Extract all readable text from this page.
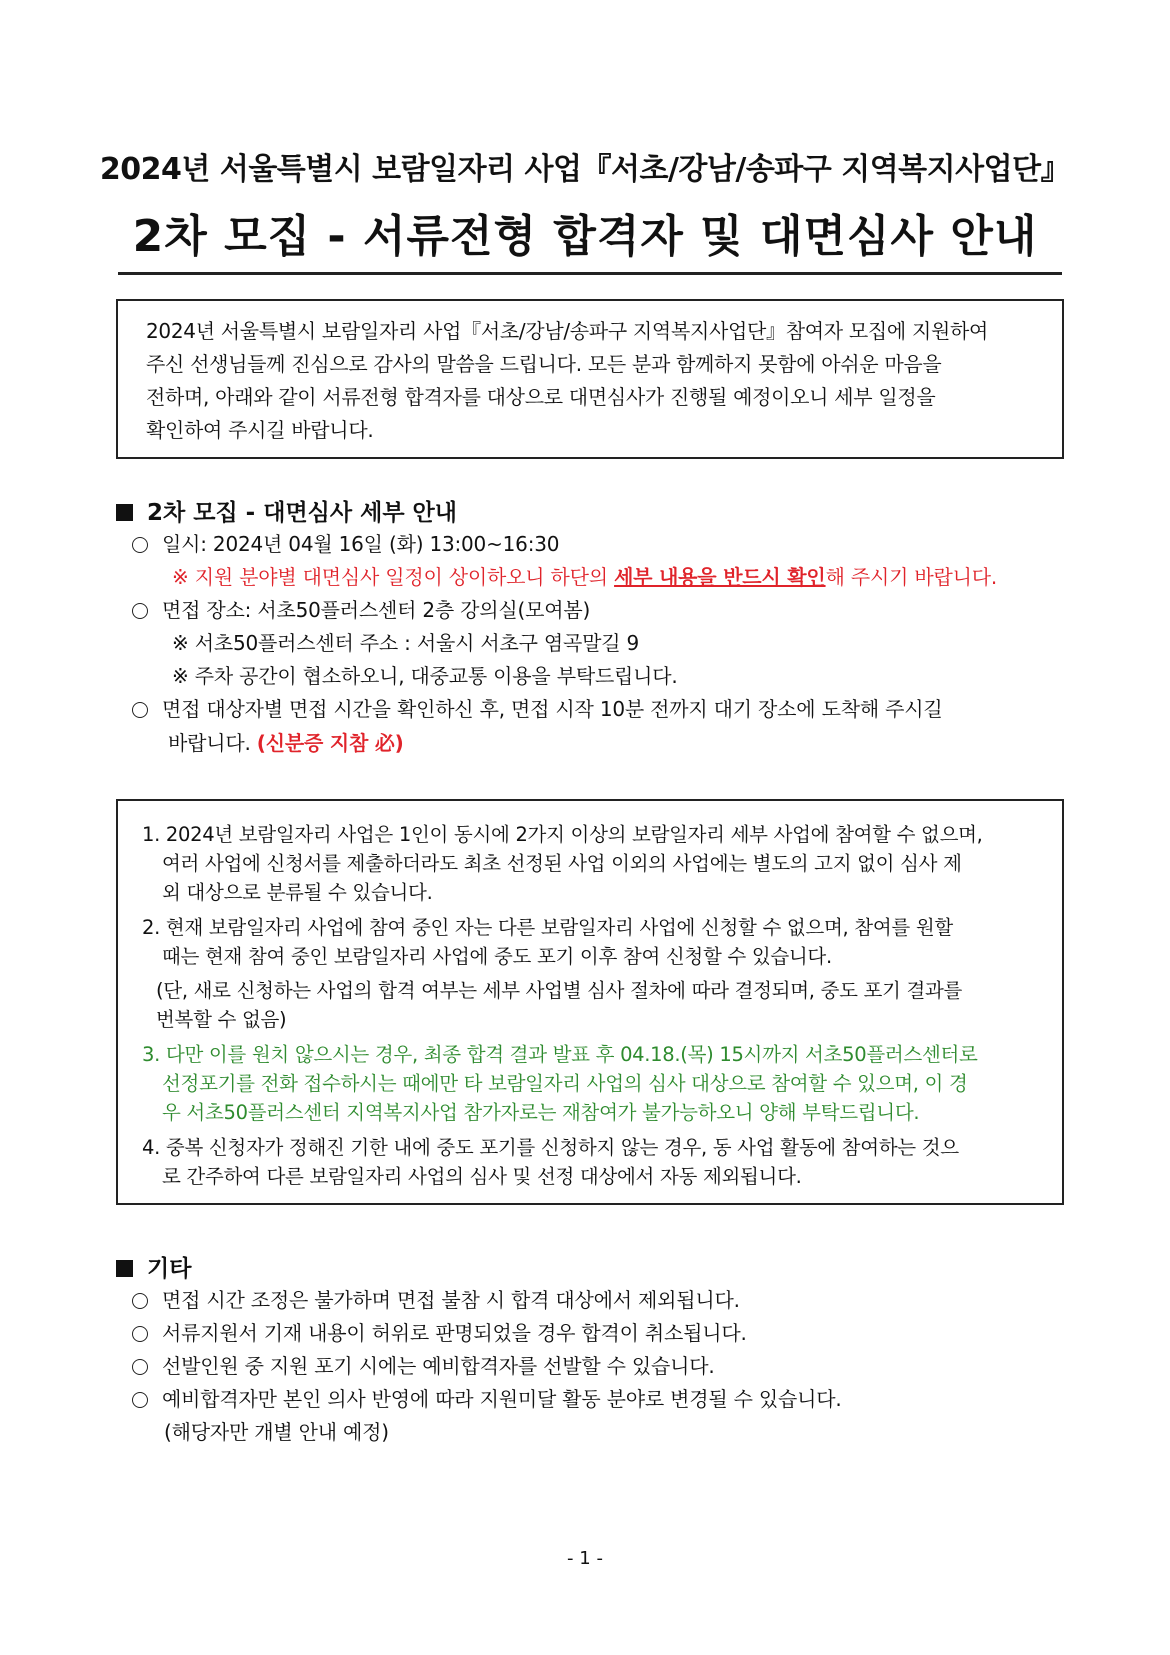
2024년 서울특별시 보람일자리 사업『서초/강남/송파구 지역복지사업단』
2차 모집 - 서류전형 합격자 및 대면심사 안내
2024년 서울특별시 보람일자리 사업『서초/강남/송파구 지역복지사업단』참여자 모집에 지원하여
주신 선생님들께 진심으로 감사의 말씀을 드립니다. 모든 분과 함께하지 못함에 아쉬운 마음을
전하며, 아래와 같이 서류전형 합격자를 대상으로 대면심사가 진행될 예정이오니 세부 일정을
확인하여 주시길 바랍니다.
2차 모집 - 대면심사 세부 안내
일시: 2024년 04월 16일 (화) 13:00~16:30
※ 지원 분야별 대면심사 일정이 상이하오니 하단의 세부 내용을 반드시 확인해 주시기 바랍니다.
면접 장소: 서초50플러스센터 2층 강의실(모여봄)
※ 서초50플러스센터 주소 : 서울시 서초구 염곡말길 9
※ 주차 공간이 협소하오니, 대중교통 이용을 부탁드립니다.
면접 대상자별 면접 시간을 확인하신 후, 면접 시작 10분 전까지 대기 장소에 도착해 주시길
바랍니다. (신분증 지참 必)
1. 2024년 보람일자리 사업은 1인이 동시에 2가지 이상의 보람일자리 세부 사업에 참여할 수 없으며,
여러 사업에 신청서를 제출하더라도 최초 선정된 사업 이외의 사업에는 별도의 고지 없이 심사 제
외 대상으로 분류될 수 있습니다.
2. 현재 보람일자리 사업에 참여 중인 자는 다른 보람일자리 사업에 신청할 수 없으며, 참여를 원할
때는 현재 참여 중인 보람일자리 사업에 중도 포기 이후 참여 신청할 수 있습니다.
(단, 새로 신청하는 사업의 합격 여부는 세부 사업별 심사 절차에 따라 결정되며, 중도 포기 결과를
번복할 수 없음)
3. 다만 이를 원치 않으시는 경우, 최종 합격 결과 발표 후 04.18.(목) 15시까지 서초50플러스센터로
선정포기를 전화 접수하시는 때에만 타 보람일자리 사업의 심사 대상으로 참여할 수 있으며, 이 경
우 서초50플러스센터 지역복지사업 참가자로는 재참여가 불가능하오니 양해 부탁드립니다.
4. 중복 신청자가 정해진 기한 내에 중도 포기를 신청하지 않는 경우, 동 사업 활동에 참여하는 것으
로 간주하여 다른 보람일자리 사업의 심사 및 선정 대상에서 자동 제외됩니다.
기타
면접 시간 조정은 불가하며 면접 불참 시 합격 대상에서 제외됩니다.
서류지원서 기재 내용이 허위로 판명되었을 경우 합격이 취소됩니다.
선발인원 중 지원 포기 시에는 예비합격자를 선발할 수 있습니다.
예비합격자만 본인 의사 반영에 따라 지원미달 활동 분야로 변경될 수 있습니다.
(해당자만 개별 안내 예정)
- 1 -
